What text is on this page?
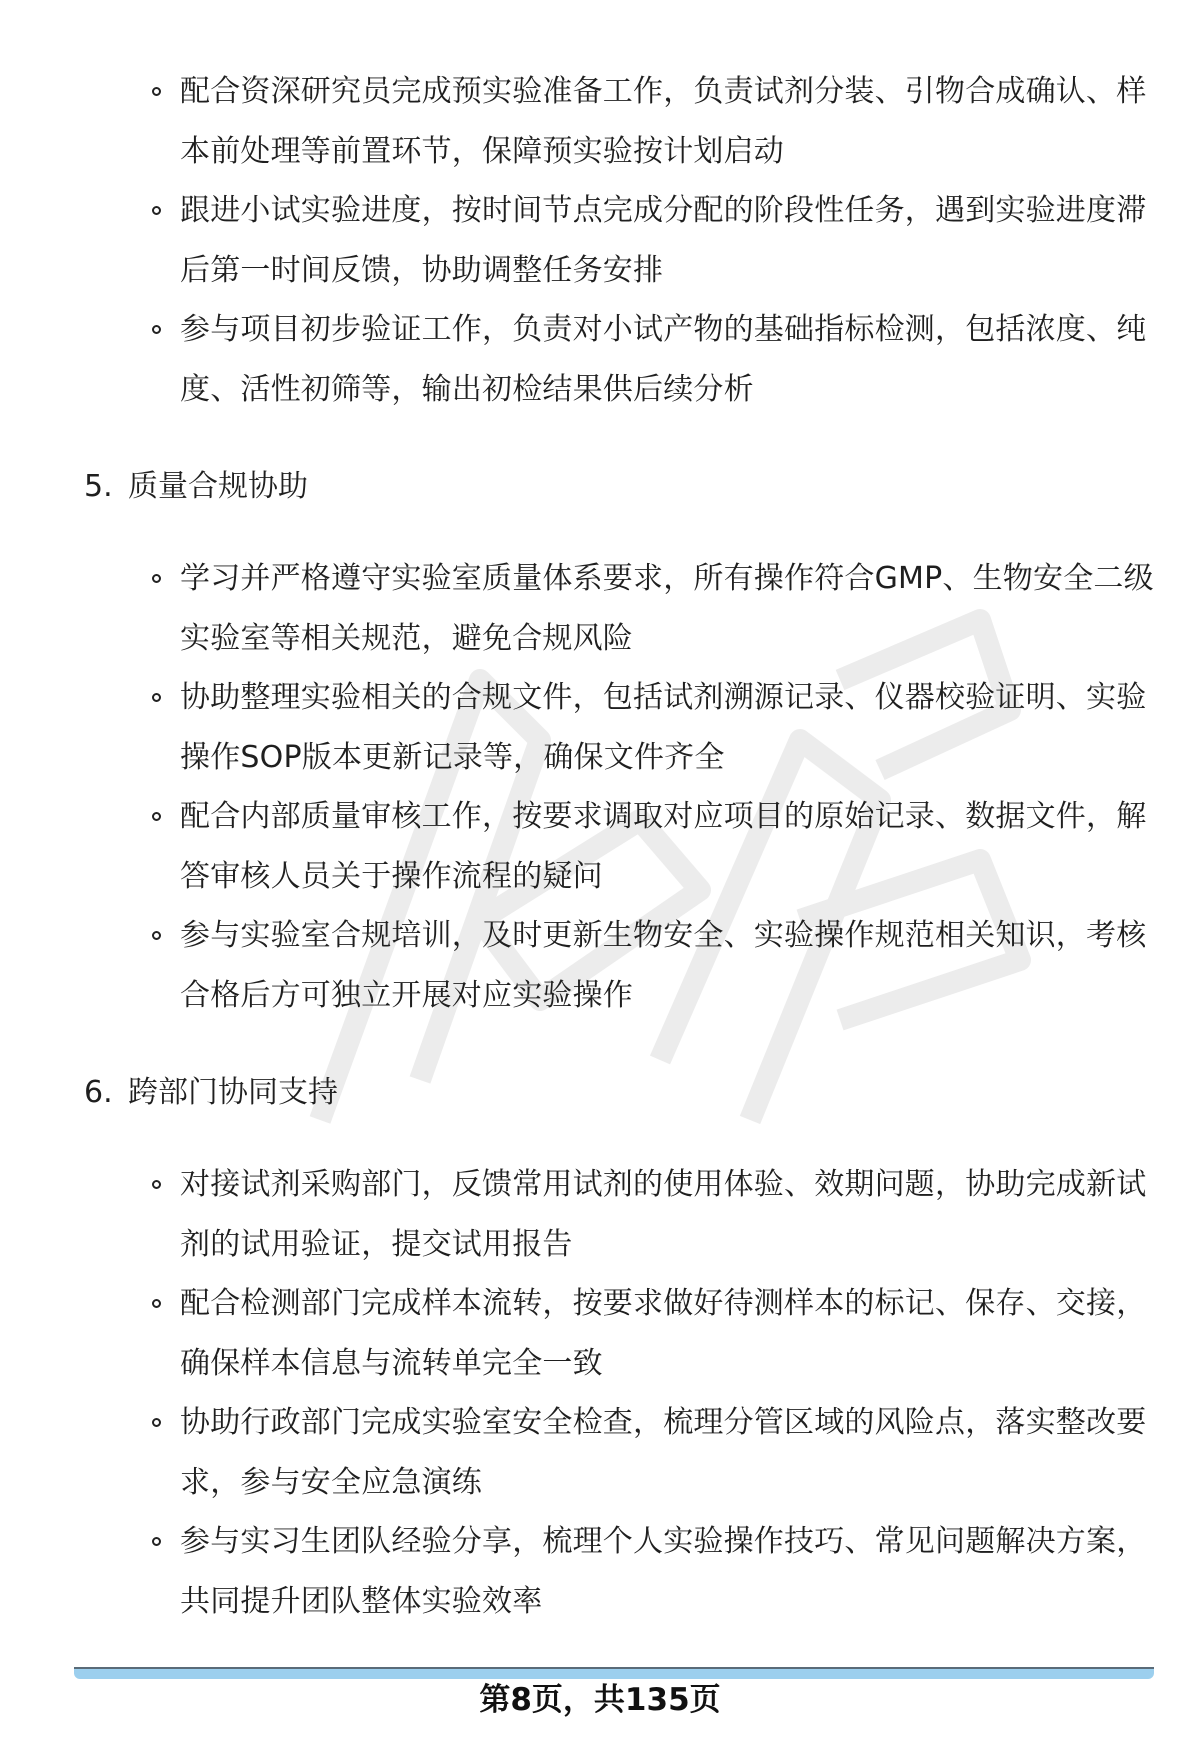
配合资深研究员完成预实验准备工作，负责试剂分装、引物合成确认、样本前处理等前置环节，保障预实验按计划启动
跟进小试实验进度，按时间节点完成分配的阶段性任务，遇到实验进度滞后第一时间反馈，协助调整任务安排
参与项目初步验证工作，负责对小试产物的基础指标检测，包括浓度、纯度、活性初筛等，输出初检结果供后续分析
5. 质量合规协助
学习并严格遵守实验室质量体系要求，所有操作符合GMP、生物安全二级实验室等相关规范，避免合规风险
协助整理实验相关的合规文件，包括试剂溯源记录、仪器校验证明、实验操作SOP版本更新记录等，确保文件齐全
配合内部质量审核工作，按要求调取对应项目的原始记录、数据文件，解答审核人员关于操作流程的疑问
参与实验室合规培训，及时更新生物安全、实验操作规范相关知识，考核合格后方可独立开展对应实验操作
6. 跨部门协同支持
对接试剂采购部门，反馈常用试剂的使用体验、效期问题，协助完成新试剂的试用验证，提交试用报告
配合检测部门完成样本流转，按要求做好待测样本的标记、保存、交接，确保样本信息与流转单完全一致
协助行政部门完成实验室安全检查，梳理分管区域的风险点，落实整改要求，参与安全应急演练
参与实习生团队经验分享，梳理个人实验操作技巧、常见问题解决方案，共同提升团队整体实验效率
第8页，共135页
